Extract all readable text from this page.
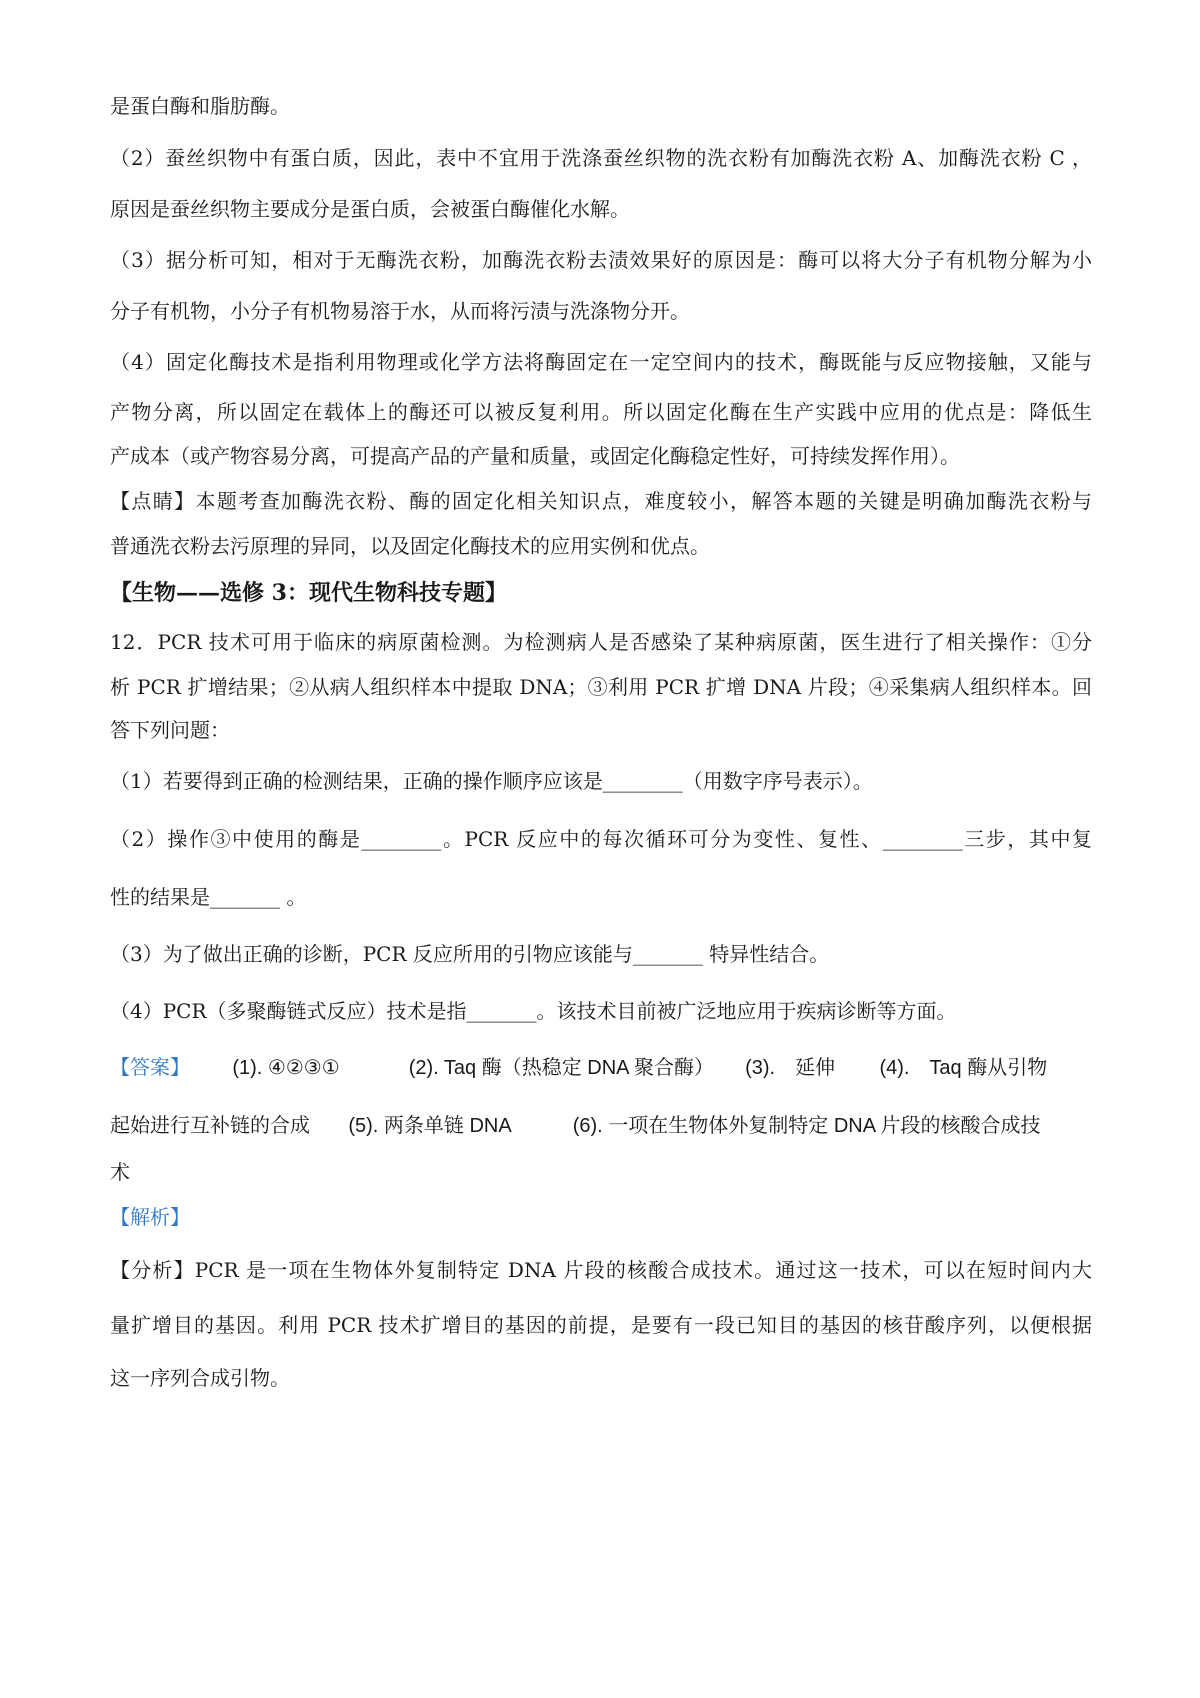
是蛋白酶和脂肪酶。
（2）蚕丝织物中有蛋白质，因此，表中不宜用于洗涤蚕丝织物的洗衣粉有加酶洗衣粉 A、加酶洗衣粉 C ，
原因是蚕丝织物主要成分是蛋白质，会被蛋白酶催化水解。
（3）据分析可知，相对于无酶洗衣粉，加酶洗衣粉去渍效果好的原因是：酶可以将大分子有机物分解为小
分子有机物，小分子有机物易溶于水，从而将污渍与洗涤物分开。
（4）固定化酶技术是指利用物理或化学方法将酶固定在一定空间内的技术，酶既能与反应物接触，又能与
产物分离，所以固定在载体上的酶还可以被反复利用。所以固定化酶在生产实践中应用的优点是：降低生
产成本（或产物容易分离，可提高产品的产量和质量，或固定化酶稳定性好，可持续发挥作用）。
【点睛】本题考查加酶洗衣粉、酶的固定化相关知识点，难度较小，解答本题的关键是明确加酶洗衣粉与
普通洗衣粉去污原理的异同，以及固定化酶技术的应用实例和优点。
【生物——选修 3：现代生物科技专题】
12．PCR 技术可用于临床的病原菌检测。为检测病人是否感染了某种病原菌，医生进行了相关操作：①分
析 PCR 扩增结果；②从病人组织样本中提取 DNA；③利用 PCR 扩增 DNA 片段；④采集病人组织样本。回
答下列问题：
（1）若要得到正确的检测结果，正确的操作顺序应该是________（用数字序号表示）。
（2）操作③中使用的酶是________。PCR 反应中的每次循环可分为变性、复性、________三步，其中复
性的结果是_______ 。
（3）为了做出正确的诊断，PCR 反应所用的引物应该能与_______ 特异性结合。
（4）PCR（多聚酶链式反应）技术是指_______。该技术目前被广泛地应用于疾病诊断等方面。
【答案】 (1). ④②③①	(2). Taq 酶（热稳定 DNA 聚合酶） (3).　延伸 (4).　Taq 酶从引物
起始进行互补链的合成 (5). 两条单链 DNA	(6). 一项在生物体外复制特定 DNA 片段的核酸合成技
术
【解析】
【分析】PCR 是一项在生物体外复制特定 DNA 片段的核酸合成技术。通过这一技术，可以在短时间内大
量扩增目的基因。利用 PCR 技术扩增目的基因的前提，是要有一段已知目的基因的核苷酸序列，以便根据
这一序列合成引物。
